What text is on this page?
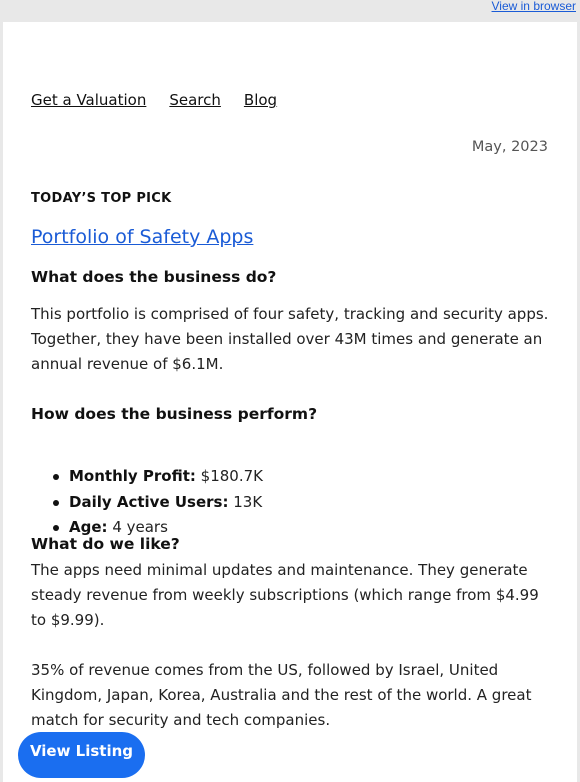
View in browser
Get a Valuation Search Blog
May, 2023
TODAY’S TOP PICK
Portfolio of Safety Apps
What does the business do?
This portfolio is comprised of four safety, tracking and security apps. Together, they have been installed over 43M times and generate an annual revenue of $6.1M.
How does the business perform?
Monthly Profit: $180.7K
Daily Active Users: 13K
Age: 4 years
What do we like?
The apps need minimal updates and maintenance. They generate steady revenue from weekly subscriptions (which range from $4.99 to $9.99).
35% of revenue comes from the US, followed by Israel, United Kingdom, Japan, Korea, Australia and the rest of the world. A great match for security and tech companies.
View Listing
